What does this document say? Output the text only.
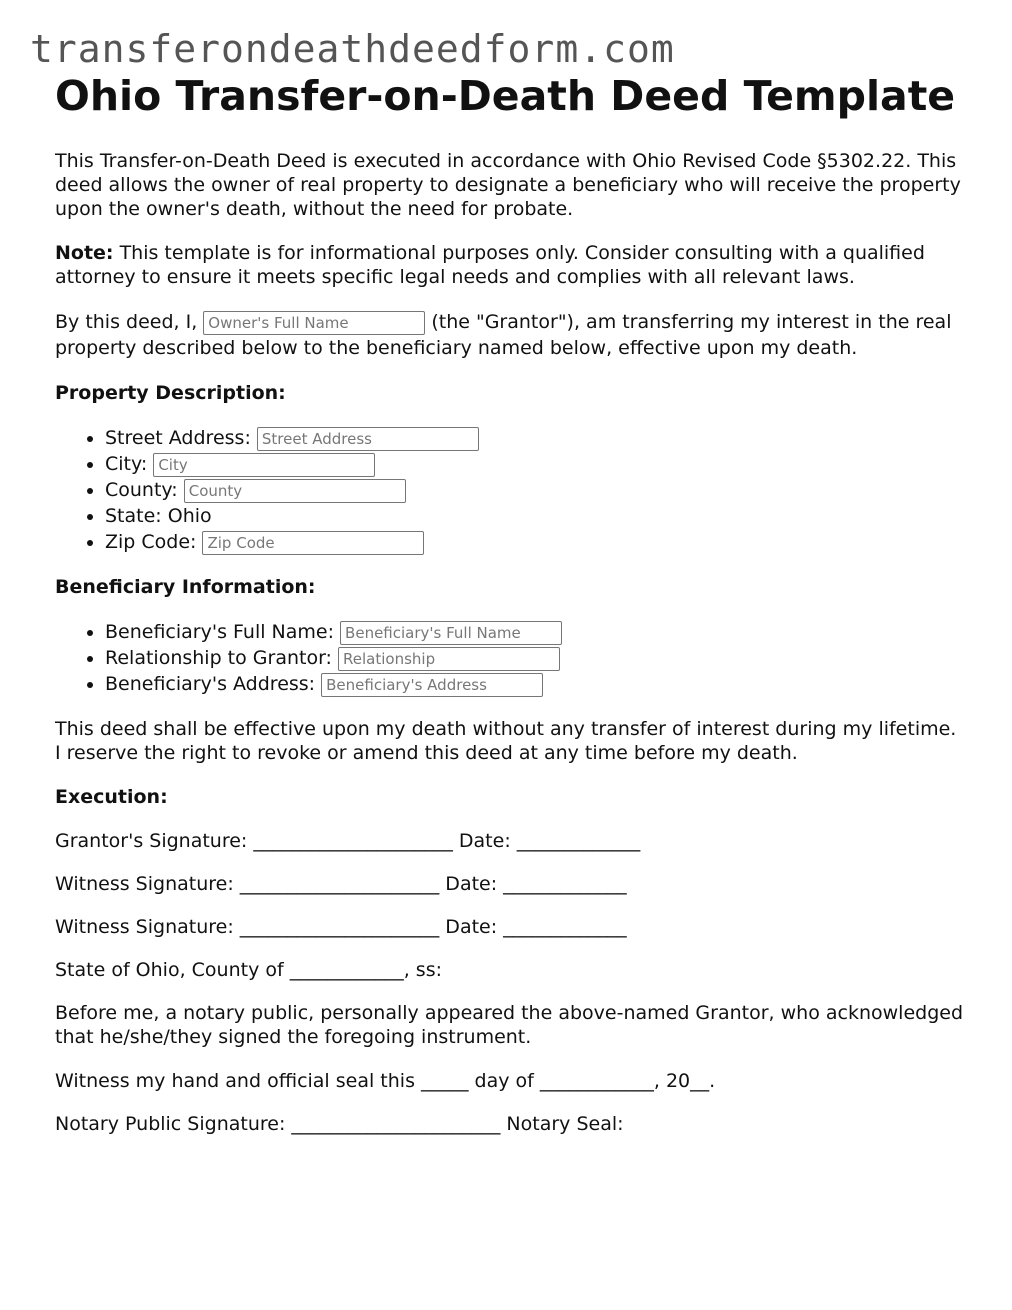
transferondeathdeedform.com
Ohio Transfer-on-Death Deed Template

This Transfer-on-Death Deed is executed in accordance with Ohio Revised Code §5302.22. This deed allows the owner of real property to designate a beneficiary who will receive the property upon the owner's death, without the need for probate.

Note: This template is for informational purposes only. Consider consulting with a qualified attorney to ensure it meets specific legal needs and complies with all relevant laws.

By this deed, I, Owner's Full Name	(the "Grantor"), am transferring my interest in the real property described below to the beneficiary named below, effective upon my death.

Property Description:

• Street Address: Street Address
• City: City
• County: County
• State: Ohio
• Zip Code: Zip Code

Beneficiary Information:

• Beneficiary's Full Name: Beneficiary's Full Name
• Relationship to Grantor: Relationship
• Beneficiary's Address: Beneficiary's Address

This deed shall be effective upon my death without any transfer of interest during my lifetime. I reserve the right to revoke or amend this deed at any time before my death.

Execution:

Grantor's Signature: _____________________ Date: _____________

Witness Signature: _____________________ Date: _____________

Witness Signature: _____________________ Date: _____________

State of Ohio, County of ____________, ss:

Before me, a notary public, personally appeared the above-named Grantor, who acknowledged that he/she/they signed the foregoing instrument.

Witness my hand and official seal this _____ day of ____________, 20__.

Notary Public Signature: ______________________ Notary Seal:
